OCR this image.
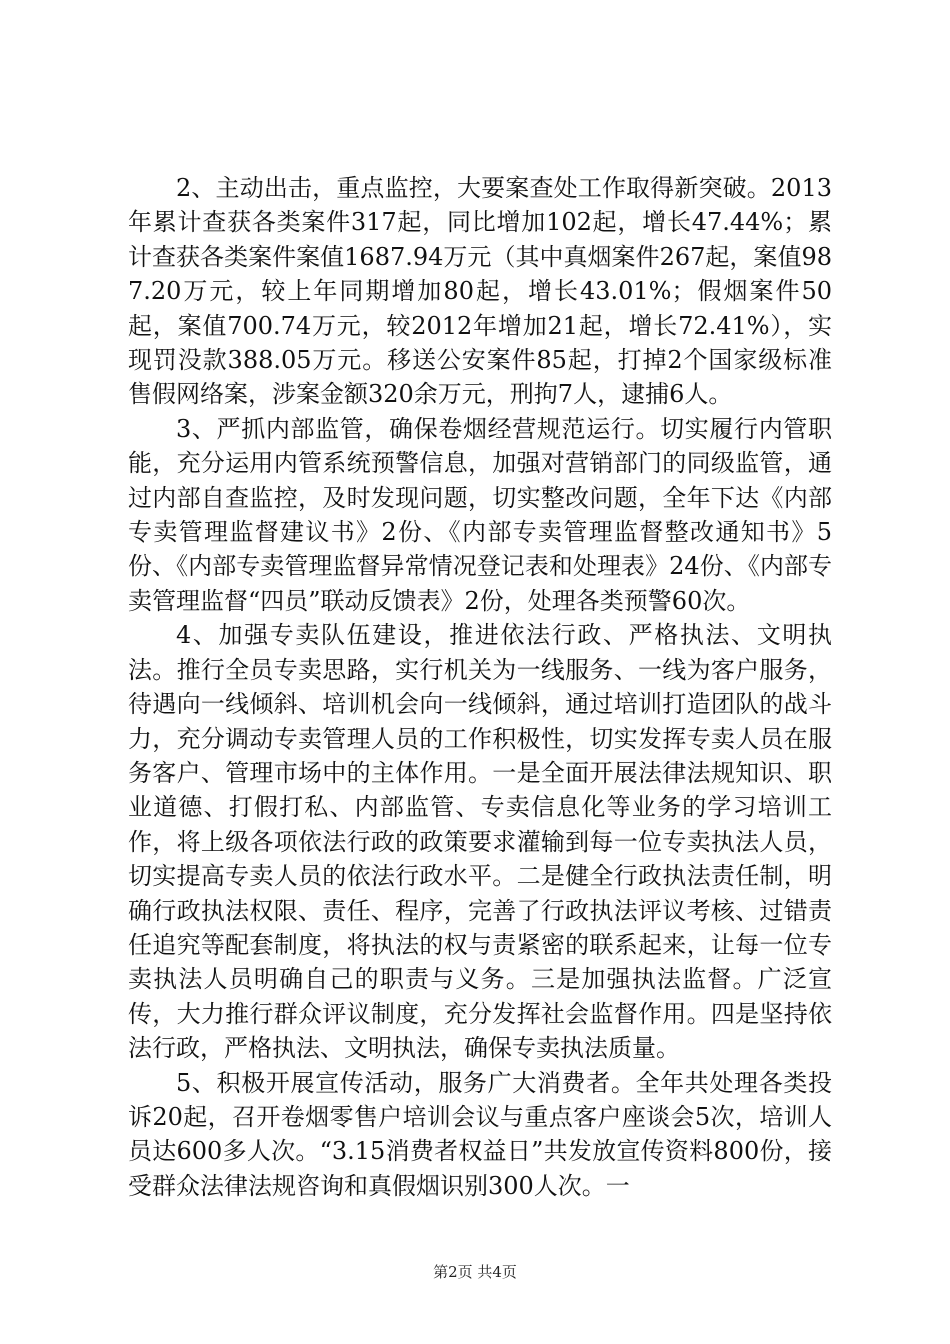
2、主动出击，重点监控，大要案查处工作取得新突破。2013年累计查获各类案件317起，同比增加102起，增长47.44%；累计查获各类案件案值1687.94万元（其中真烟案件267起，案值987.20万元，较上年同期增加80起，增长43.01%；假烟案件50起，案值700.74万元，较2012年增加21起，增长72.41%），实现罚没款388.05万元。移送公安案件85起，打掉2个国家级标准售假网络案，涉案金额320余万元，刑拘7人，逮捕6人。

3、严抓内部监管，确保卷烟经营规范运行。切实履行内管职能，充分运用内管系统预警信息，加强对营销部门的同级监管，通过内部自查监控，及时发现问题，切实整改问题，全年下达《内部专卖管理监督建议书》2份、《内部专卖管理监督整改通知书》5份、《内部专卖管理监督异常情况登记表和处理表》24份、《内部专卖管理监督“四员”联动反馈表》2份，处理各类预警60次。

4、加强专卖队伍建设，推进依法行政、严格执法、文明执法。推行全员专卖思路，实行机关为一线服务、一线为客户服务，待遇向一线倾斜、培训机会向一线倾斜，通过培训打造团队的战斗力，充分调动专卖管理人员的工作积极性，切实发挥专卖人员在服务客户、管理市场中的主体作用。一是全面开展法律法规知识、职业道德、打假打私、内部监管、专卖信息化等业务的学习培训工作，将上级各项依法行政的政策要求灌输到每一位专卖执法人员，切实提高专卖人员的依法行政水平。二是健全行政执法责任制，明确行政执法权限、责任、程序，完善了行政执法评议考核、过错责任追究等配套制度，将执法的权与责紧密的联系起来，让每一位专卖执法人员明确自己的职责与义务。三是加强执法监督。广泛宣传，大力推行群众评议制度，充分发挥社会监督作用。四是坚持依法行政，严格执法、文明执法，确保专卖执法质量。

5、积极开展宣传活动，服务广大消费者。全年共处理各类投诉20起，召开卷烟零售户培训会议与重点客户座谈会5次，培训人员达600多人次。“3.15消费者权益日”共发放宣传资料800份，接受群众法律法规咨询和真假烟识别300人次。一

第2页 共4页
